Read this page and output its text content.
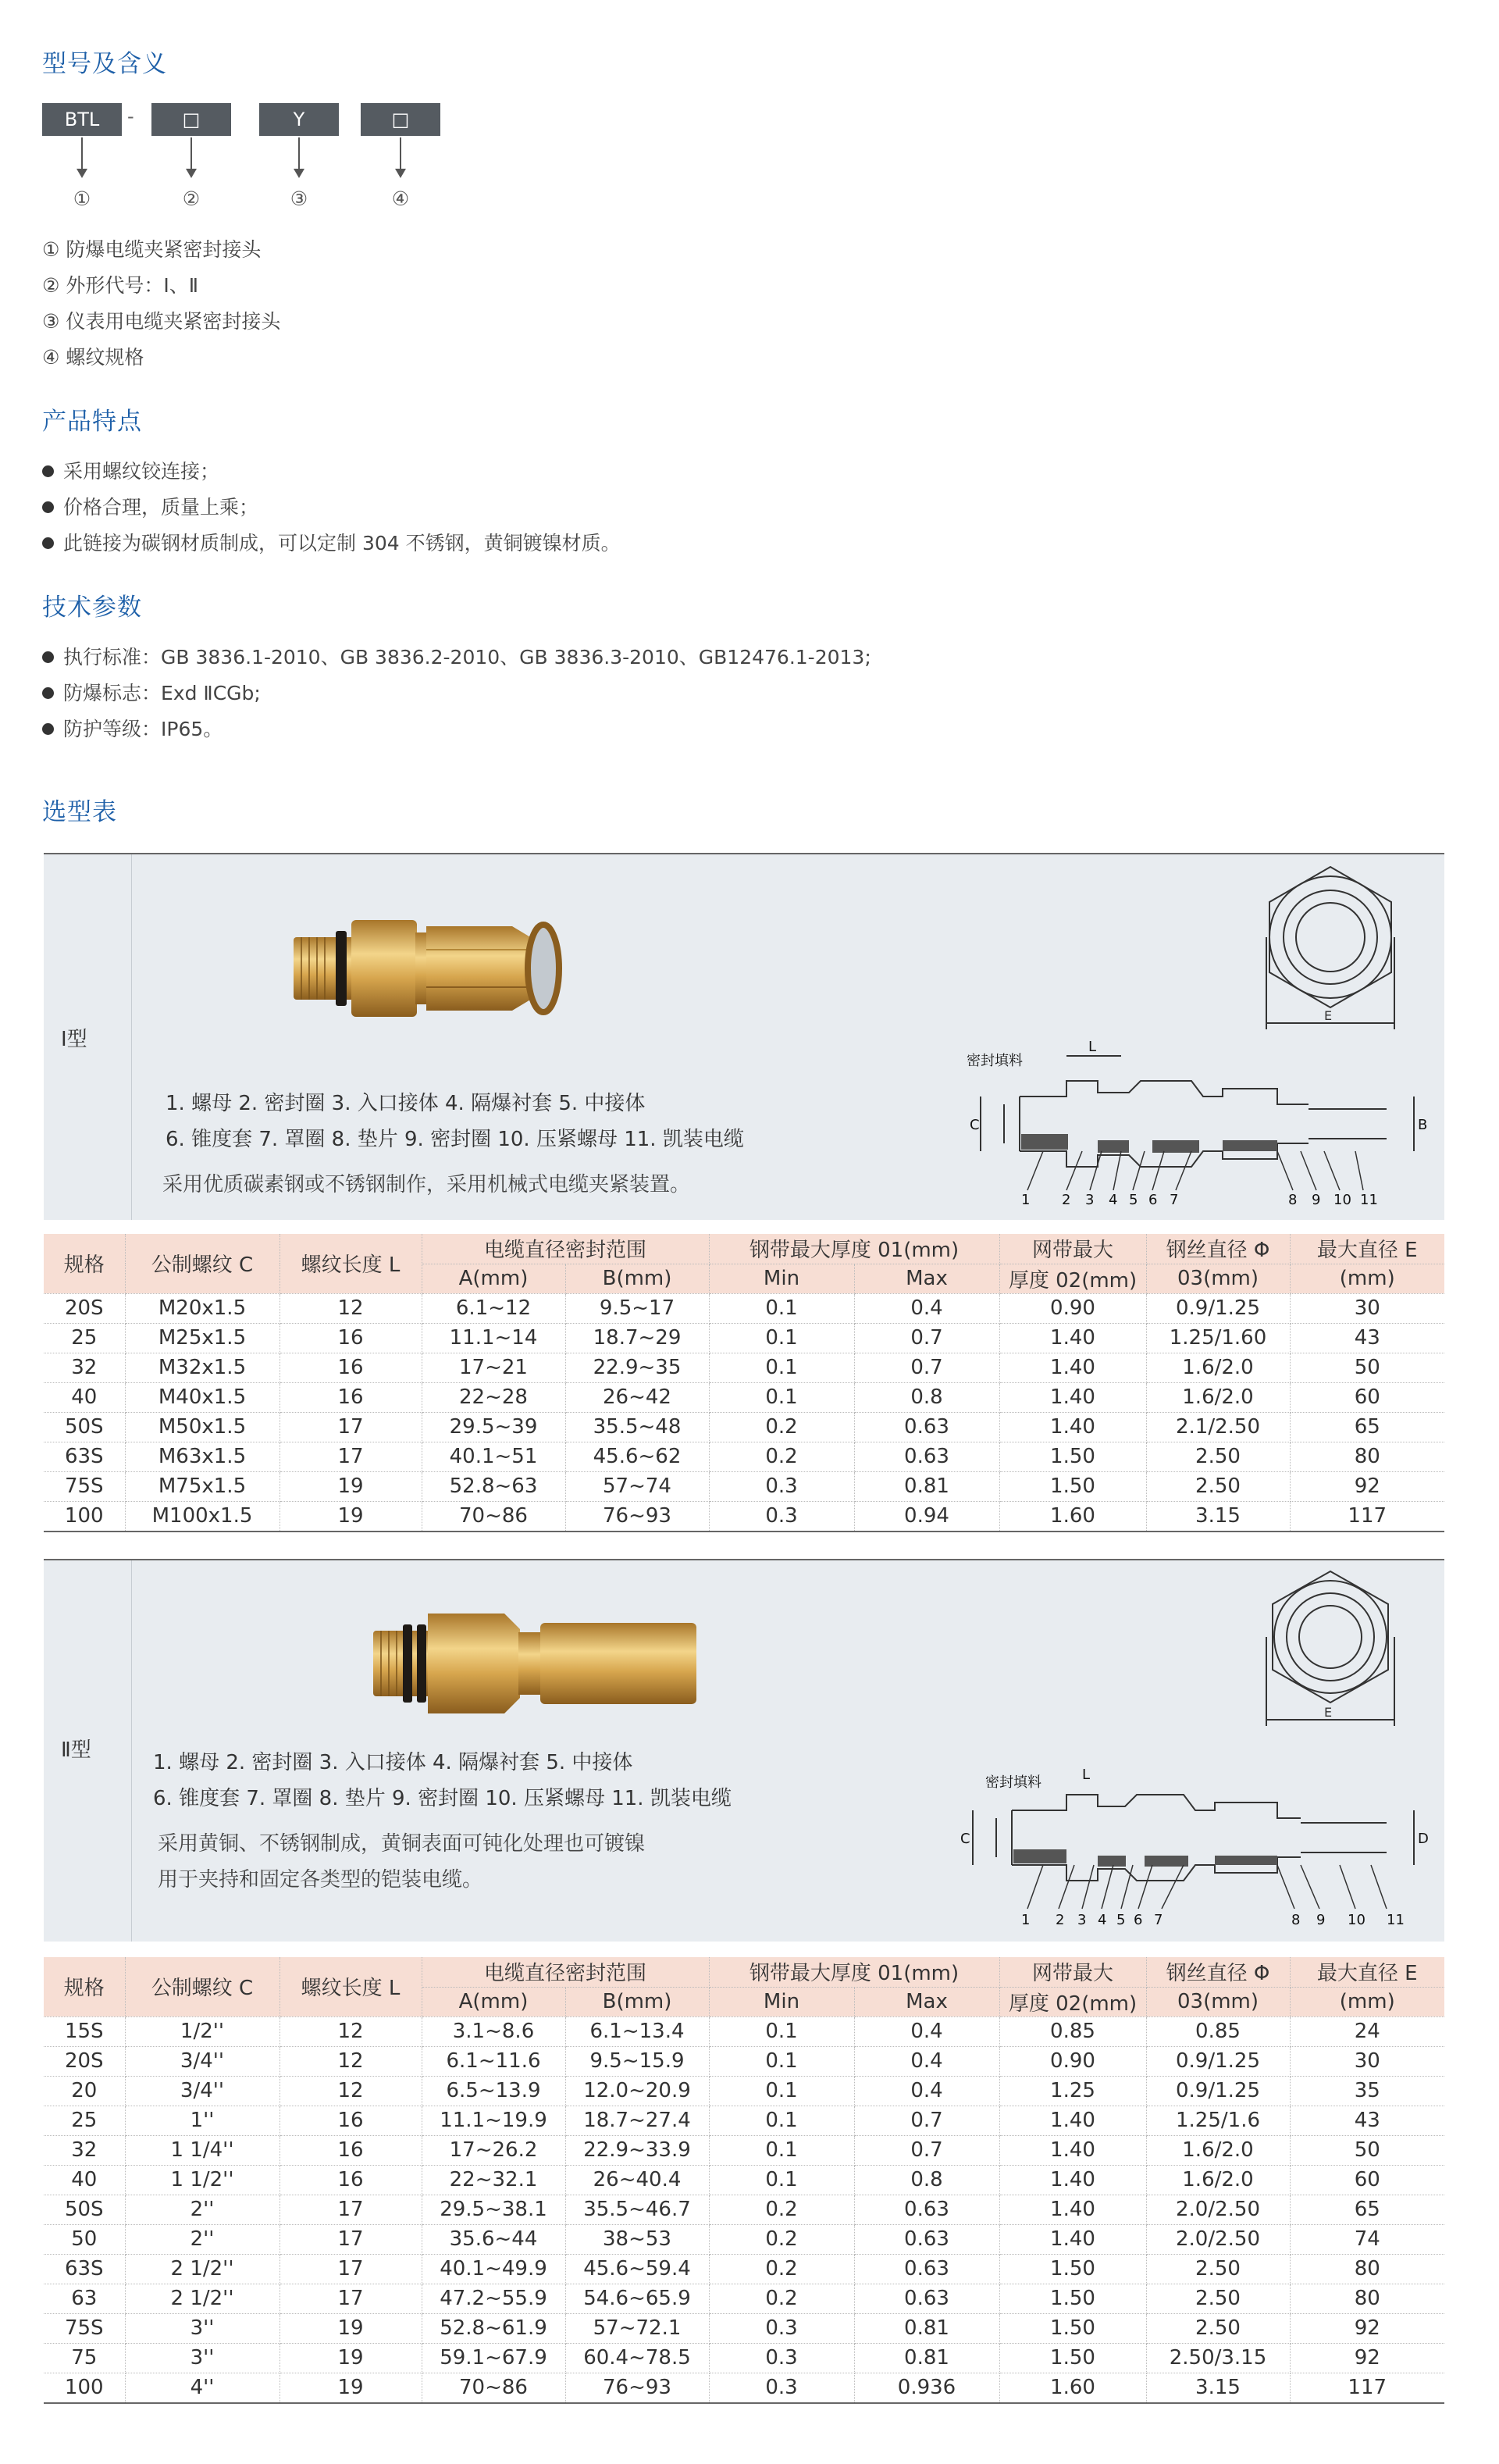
型号及含义
BTL	-	□	Y	□
①	②	③	④
① 防爆电缆夹紧密封接头
② 外形代号：Ⅰ、Ⅱ
③ 仪表用电缆夹紧密封接头
④ 螺纹规格
产品特点
采用螺纹铰连接；
价格合理，质量上乘；
此链接为碳钢材质制成，可以定制 304 不锈钢，黄铜镀镍材质。
技术参数
执行标准：GB 3836.1-2010、GB 3836.2-2010、GB 3836.3-2010、GB12476.1-2013;
防爆标志：Exd ⅡCGb;
防护等级：IP65。
选型表
Ⅰ型
1. 螺母 2. 密封圈 3. 入口接体 4. 隔爆衬套 5. 中接体
6. 锥度套 7. 罩圈 8. 垫片 9. 密封圈 10. 压紧螺母 11. 凯装电缆
采用优质碳素钢或不锈钢制作，采用机械式电缆夹紧装置。
E
密封填料
L
C	B
1 2 3 4 5 6 7	8 9 10 11
规格	公制螺纹 C	螺纹长度 L	电缆直径密封范围		钢带最大厚度 01(mm)		网带最大	钢丝直径 Φ	最大直径 E
			A(mm)	B(mm)	Min	Max	厚度 02(mm)	03(mm)	(mm)
20S	M20x1.5	12	6.1~12	9.5~17	0.1	0.4	0.90	0.9/1.25	30
25	M25x1.5	16	11.1~14	18.7~29	0.1	0.7	1.40	1.25/1.60	43
32	M32x1.5	16	17~21	22.9~35	0.1	0.7	1.40	1.6/2.0	50
40	M40x1.5	16	22~28	26~42	0.1	0.8	1.40	1.6/2.0	60
50S	M50x1.5	17	29.5~39	35.5~48	0.2	0.63	1.40	2.1/2.50	65
63S	M63x1.5	17	40.1~51	45.6~62	0.2	0.63	1.50	2.50	80
75S	M75x1.5	19	52.8~63	57~74	0.3	0.81	1.50	2.50	92
100	M100x1.5	19	70~86	76~93	0.3	0.94	1.60	3.15	117
Ⅱ型
1. 螺母 2. 密封圈 3. 入口接体 4. 隔爆衬套 5. 中接体
6. 锥度套 7. 罩圈 8. 垫片 9. 密封圈 10. 压紧螺母 11. 凯装电缆
采用黄铜、不锈钢制成，黄铜表面可钝化处理也可镀镍
用于夹持和固定各类型的铠装电缆。
E
密封填料	L
C	D
1 2 3 4 5 6 7	8 9 10 11
规格	公制螺纹 C	螺纹长度 L	电缆直径密封范围		钢带最大厚度 01(mm)		网带最大	钢丝直径 Φ	最大直径 E
			A(mm)	B(mm)	Min	Max	厚度 02(mm)	03(mm)	(mm)
15S	1/2''	12	3.1~8.6	6.1~13.4	0.1	0.4	0.85	0.85	24
20S	3/4''	12	6.1~11.6	9.5~15.9	0.1	0.4	0.90	0.9/1.25	30
20	3/4''	12	6.5~13.9	12.0~20.9	0.1	0.4	1.25	0.9/1.25	35
25	1''	16	11.1~19.9	18.7~27.4	0.1	0.7	1.40	1.25/1.6	43
32	1 1/4''	16	17~26.2	22.9~33.9	0.1	0.7	1.40	1.6/2.0	50
40	1 1/2''	16	22~32.1	26~40.4	0.1	0.8	1.40	1.6/2.0	60
50S	2''	17	29.5~38.1	35.5~46.7	0.2	0.63	1.40	2.0/2.50	65
50	2''	17	35.6~44	38~53	0.2	0.63	1.40	2.0/2.50	74
63S	2 1/2''	17	40.1~49.9	45.6~59.4	0.2	0.63	1.50	2.50	80
63	2 1/2''	17	47.2~55.9	54.6~65.9	0.2	0.63	1.50	2.50	80
75S	3''	19	52.8~61.9	57~72.1	0.3	0.81	1.50	2.50	92
75	3''	19	59.1~67.9	60.4~78.5	0.3	0.81	1.50	2.50/3.15	92
100	4''	19	70~86	76~93	0.3	0.936	1.60	3.15	117
